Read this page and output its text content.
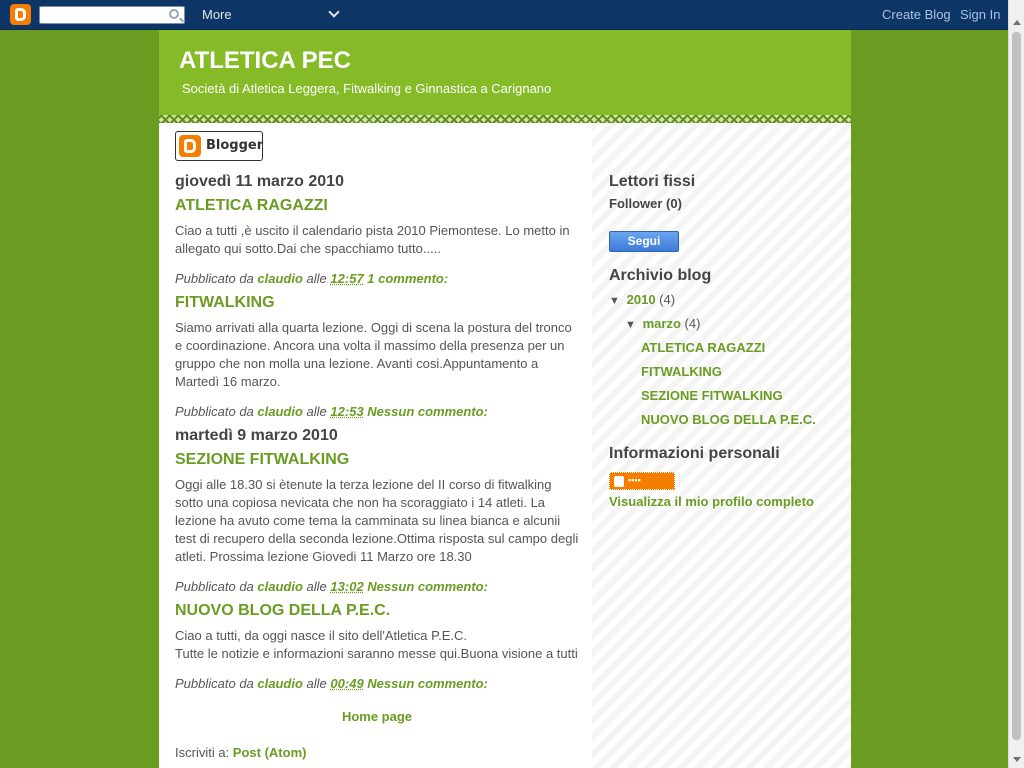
More	Create Blog Sign In
ATLETICA PEC
Società di Atletica Leggera, Fitwalking e Ginnastica a Carignano
Blogger
giovedì 11 marzo 2010
ATLETICA RAGAZZI
Ciao a tutti ,è uscito il calendario pista 2010 Piemontese. Lo metto in allegato qui sotto.Dai che spacchiamo tutto.....
Pubblicato da claudio alle 12:57 1 commento:
FITWALKING
Siamo arrivati alla quarta lezione. Oggi di scena la postura del tronco e coordinazione. Ancora una volta il massimo della presenza per un gruppo che non molla una lezione. Avanti cosi.Appuntamento a Martedì 16 marzo.
Pubblicato da claudio alle 12:53 Nessun commento:
martedì 9 marzo 2010
SEZIONE FITWALKING
Oggi alle 18.30 si ètenute la terza lezione del II corso di fitwalking sotto una copiosa nevicata che non ha scoraggiato i 14 atleti. La lezione ha avuto come tema la camminata su linea bianca e alcunii test di recupero della seconda lezione.Ottima risposta sul campo degli atleti. Prossima lezione Giovedi 11 Marzo ore 18.30
Pubblicato da claudio alle 13:02 Nessun commento:
NUOVO BLOG DELLA P.E.C.
Ciao a tutti, da oggi nasce il sito dell'Atletica P.E.C.
Tutte le notizie e informazioni saranno messe qui.Buona visione a tutti
Pubblicato da claudio alle 00:49 Nessun commento:
Home page
Iscriviti a: Post (Atom)
Lettori fissi
Follower (0)
Segui
Archivio blog
▼ 2010 (4)
▼ marzo (4)
ATLETICA RAGAZZI
FITWALKING
SEZIONE FITWALKING
NUOVO BLOG DELLA P.E.C.
Informazioni personali
▪▪▪▪
Visualizza il mio profilo completo
